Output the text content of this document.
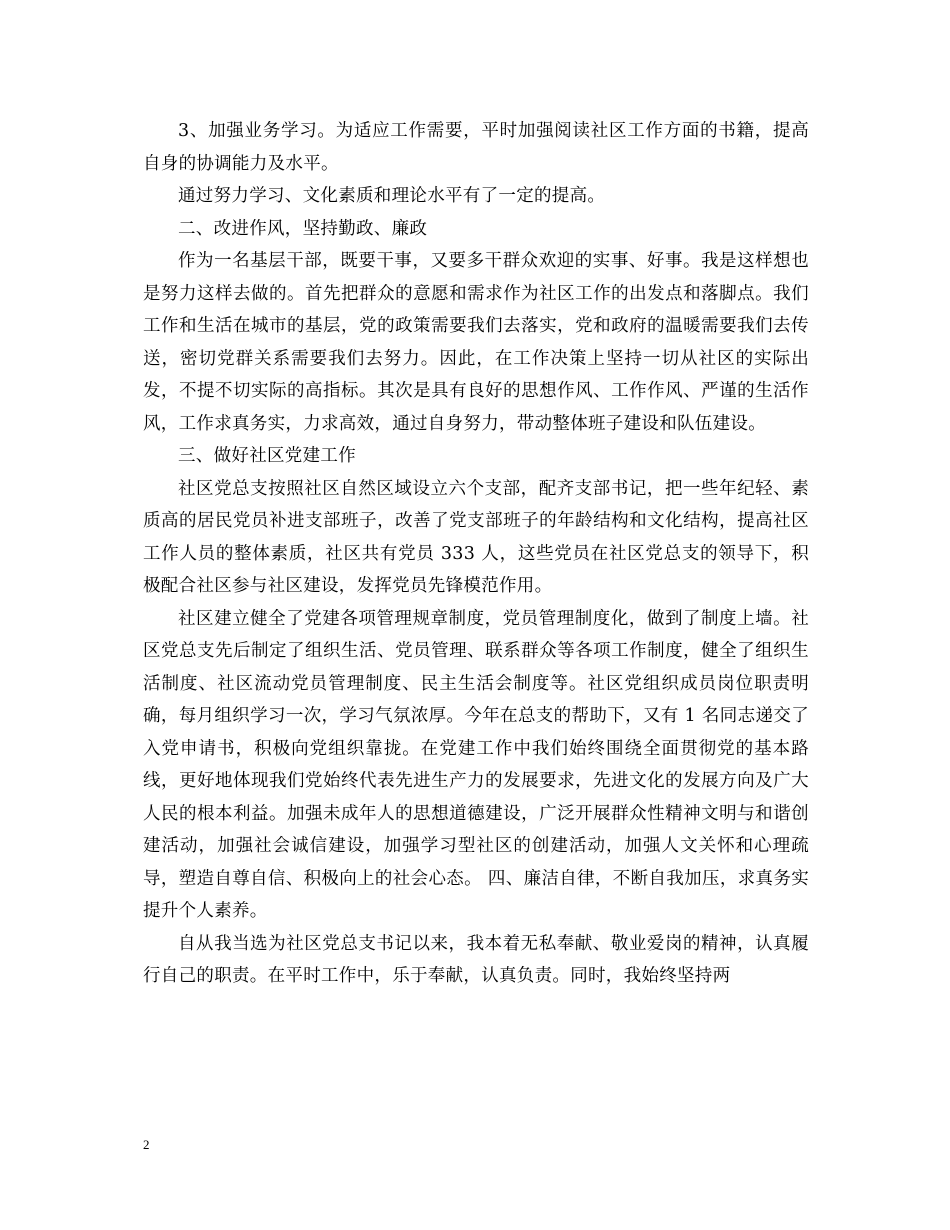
3、加强业务学习。为适应工作需要，平时加强阅读社区工作方面的书籍，提高自身的协调能力及水平。

通过努力学习、文化素质和理论水平有了一定的提高。

二、改进作风，坚持勤政、廉政

作为一名基层干部，既要干事，又要多干群众欢迎的实事、好事。我是这样想也是努力这样去做的。首先把群众的意愿和需求作为社区工作的出发点和落脚点。我们工作和生活在城市的基层，党的政策需要我们去落实，党和政府的温暖需要我们去传送，密切党群关系需要我们去努力。因此，在工作决策上坚持一切从社区的实际出发，不提不切实际的高指标。其次是具有良好的思想作风、工作作风、严谨的生活作风，工作求真务实，力求高效，通过自身努力，带动整体班子建设和队伍建设。

三、做好社区党建工作

社区党总支按照社区自然区域设立六个支部，配齐支部书记，把一些年纪轻、素质高的居民党员补进支部班子，改善了党支部班子的年龄结构和文化结构，提高社区工作人员的整体素质，社区共有党员 333 人，这些党员在社区党总支的领导下，积极配合社区参与社区建设，发挥党员先锋模范作用。

社区建立健全了党建各项管理规章制度，党员管理制度化，做到了制度上墙。社区党总支先后制定了组织生活、党员管理、联系群众等各项工作制度，健全了组织生活制度、社区流动党员管理制度、民主生活会制度等。社区党组织成员岗位职责明确，每月组织学习一次，学习气氛浓厚。今年在总支的帮助下，又有 1 名同志递交了入党申请书，积极向党组织靠拢。在党建工作中我们始终围绕全面贯彻党的基本路线，更好地体现我们党始终代表先进生产力的发展要求，先进文化的发展方向及广大人民的根本利益。加强未成年人的思想道德建设，广泛开展群众性精神文明与和谐创建活动，加强社会诚信建设，加强学习型社区的创建活动，加强人文关怀和心理疏导，塑造自尊自信、积极向上的社会心态。 四、廉洁自律，不断自我加压，求真务实提升个人素养。

自从我当选为社区党总支书记以来，我本着无私奉献、敬业爱岗的精神，认真履行自己的职责。在平时工作中，乐于奉献，认真负责。同时，我始终坚持两

2
